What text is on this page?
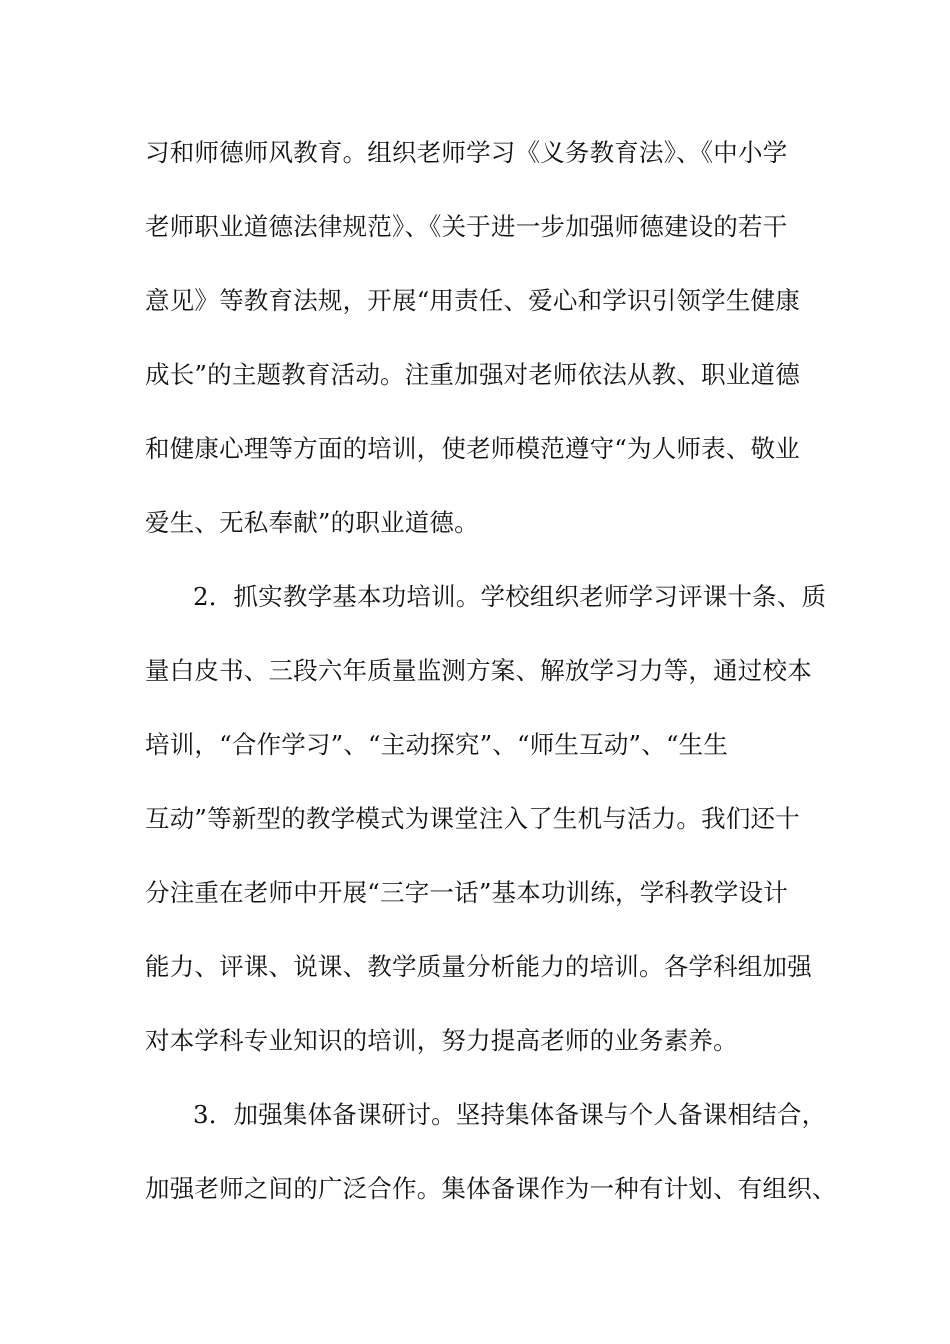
习和师德师风教育。组织老师学习《义务教育法》、《中小学
老师职业道德法律规范》、《关于进一步加强师德建设的若干
意见》等教育法规，开展“用责任、爱心和学识引领学生健康
成长”的主题教育活动。注重加强对老师依法从教、职业道德
和健康心理等方面的培训，使老师模范遵守“为人师表、敬业
爱生、无私奉献”的职业道德。
2．抓实教学基本功培训。学校组织老师学习评课十条、质
量白皮书、三段六年质量监测方案、解放学习力等，通过校本
培训，“合作学习”、“主动探究”、“师生互动”、“生生
互动”等新型的教学模式为课堂注入了生机与活力。我们还十
分注重在老师中开展“三字一话”基本功训练，学科教学设计
能力、评课、说课、教学质量分析能力的培训。各学科组加强
对本学科专业知识的培训，努力提高老师的业务素养。
3．加强集体备课研讨。坚持集体备课与个人备课相结合，
加强老师之间的广泛合作。集体备课作为一种有计划、有组织、
